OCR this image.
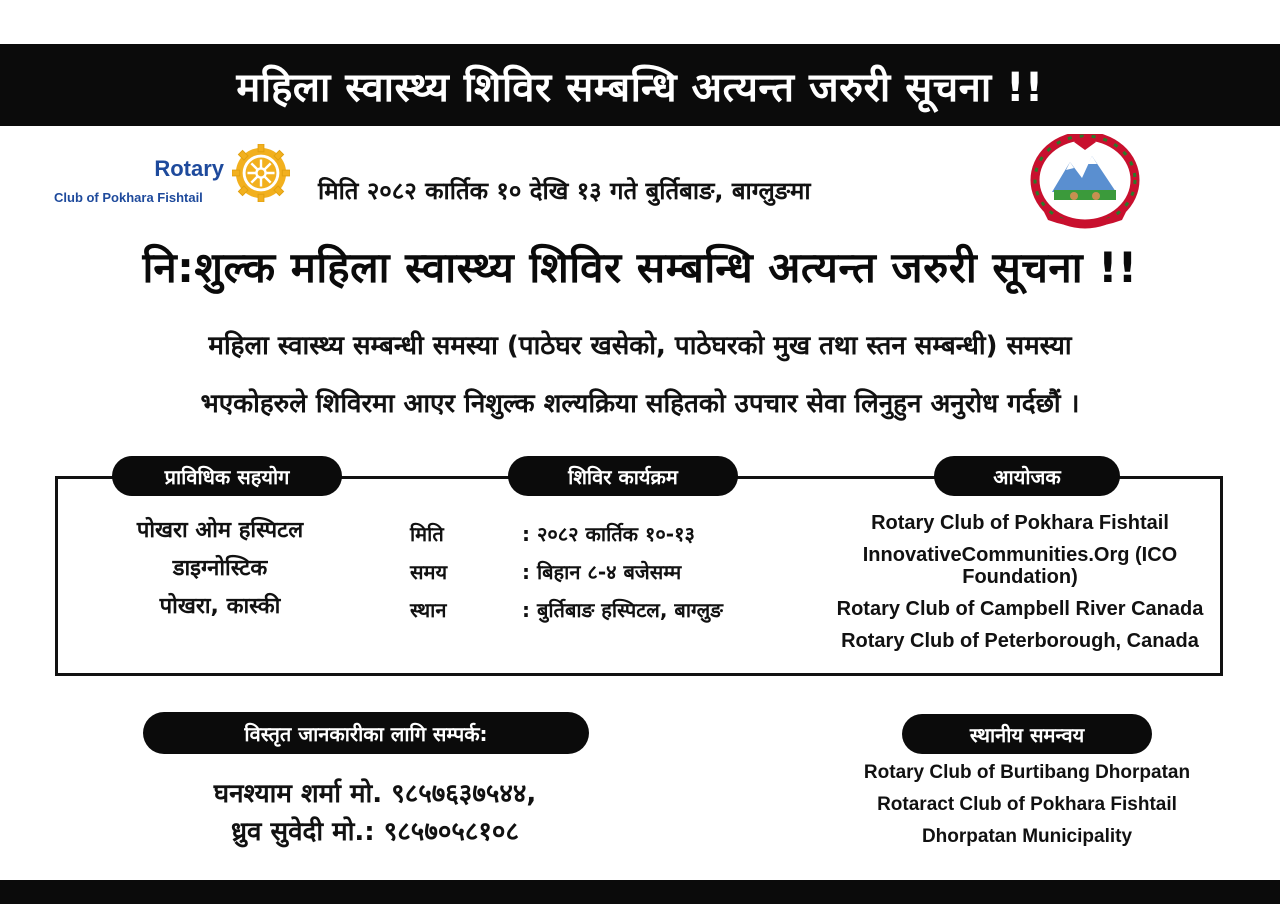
महिला स्वास्थ्य शिविर सम्बन्धि अत्यन्त जरुरी सूचना !!
Rotary
Club of Pokhara Fishtail	मिति २०८२ कार्तिक १० देखि १३ गते बुर्तिबाङ, बाग्लुङमा
नि:शुल्क महिला स्वास्थ्य शिविर सम्बन्धि अत्यन्त जरुरी सूचना !!
महिला स्वास्थ्य सम्बन्धी समस्या (पाठेघर खसेको, पाठेघरको मुख तथा स्तन सम्बन्धी) समस्या
भएकोहरुले शिविरमा आएर निशुल्क शल्यक्रिया सहितको उपचार सेवा लिनुहुन अनुरोध गर्दछौं ।
प्राविधिक सहयोग	शिविर कार्यक्रम	आयोजक
पोखरा ओम हस्पिटल
डाइग्नोस्टिक
पोखरा, कास्की
मिति	: २०८२ कार्तिक १०-१३
समय	: बिहान ८-४ बजेसम्म
स्थान	: बुर्तिबाङ हस्पिटल, बाग्लुङ
Rotary Club of Pokhara Fishtail
InnovativeCommunities.Org (ICO Foundation)
Rotary Club of Campbell River Canada
Rotary Club of Peterborough, Canada
विस्तृत जानकारीका लागि सम्पर्क:
घनश्याम शर्मा मो. ९८५७६३७५४४,
ध्रुव सुवेदी मो.: ९८५७०५८१०८
स्थानीय समन्वय
Rotary Club of Burtibang Dhorpatan
Rotaract Club of Pokhara Fishtail
Dhorpatan Municipality
